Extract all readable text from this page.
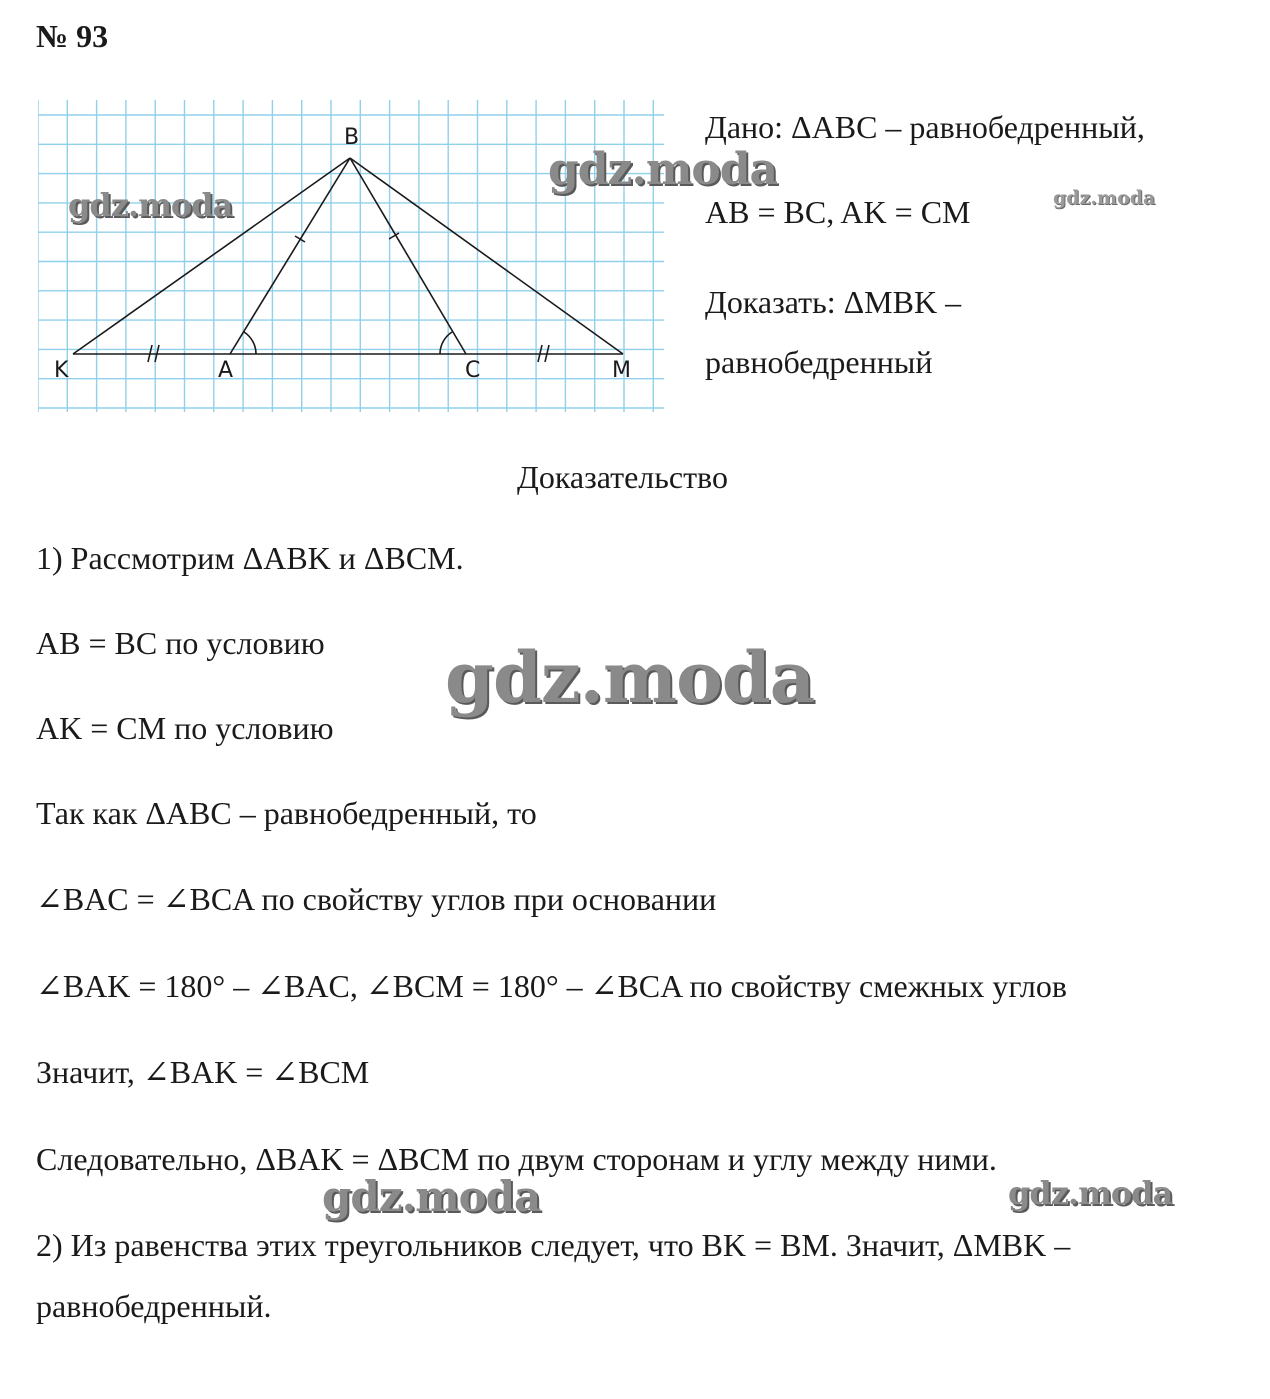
№ 93
B
K	A	C	M
Дано: ΔABC – равнобедренный,
AB = BC, AK = CM
Доказать: ΔMBK –
равнобедренный
Доказательство
1) Рассмотрим ΔABK и ΔBCM.
AB = BC по условию
AK = CM по условию
Так как ΔABC – равнобедренный, то
∠BAC = ∠BCA по свойству углов при основании
∠BAK = 180° – ∠BAC, ∠BCM = 180° – ∠BCA по свойству смежных углов
Значит, ∠BAK = ∠BCM
Следовательно, ΔBAK = ΔBCM по двум сторонам и углу между ними.
2) Из равенства этих треугольников следует, что BK = BM. Значит, ΔMBK –
равнобедренный.
gdz.moda
gdz.moda
gdz.moda
gdz.moda
gdz.moda	gdz.moda
